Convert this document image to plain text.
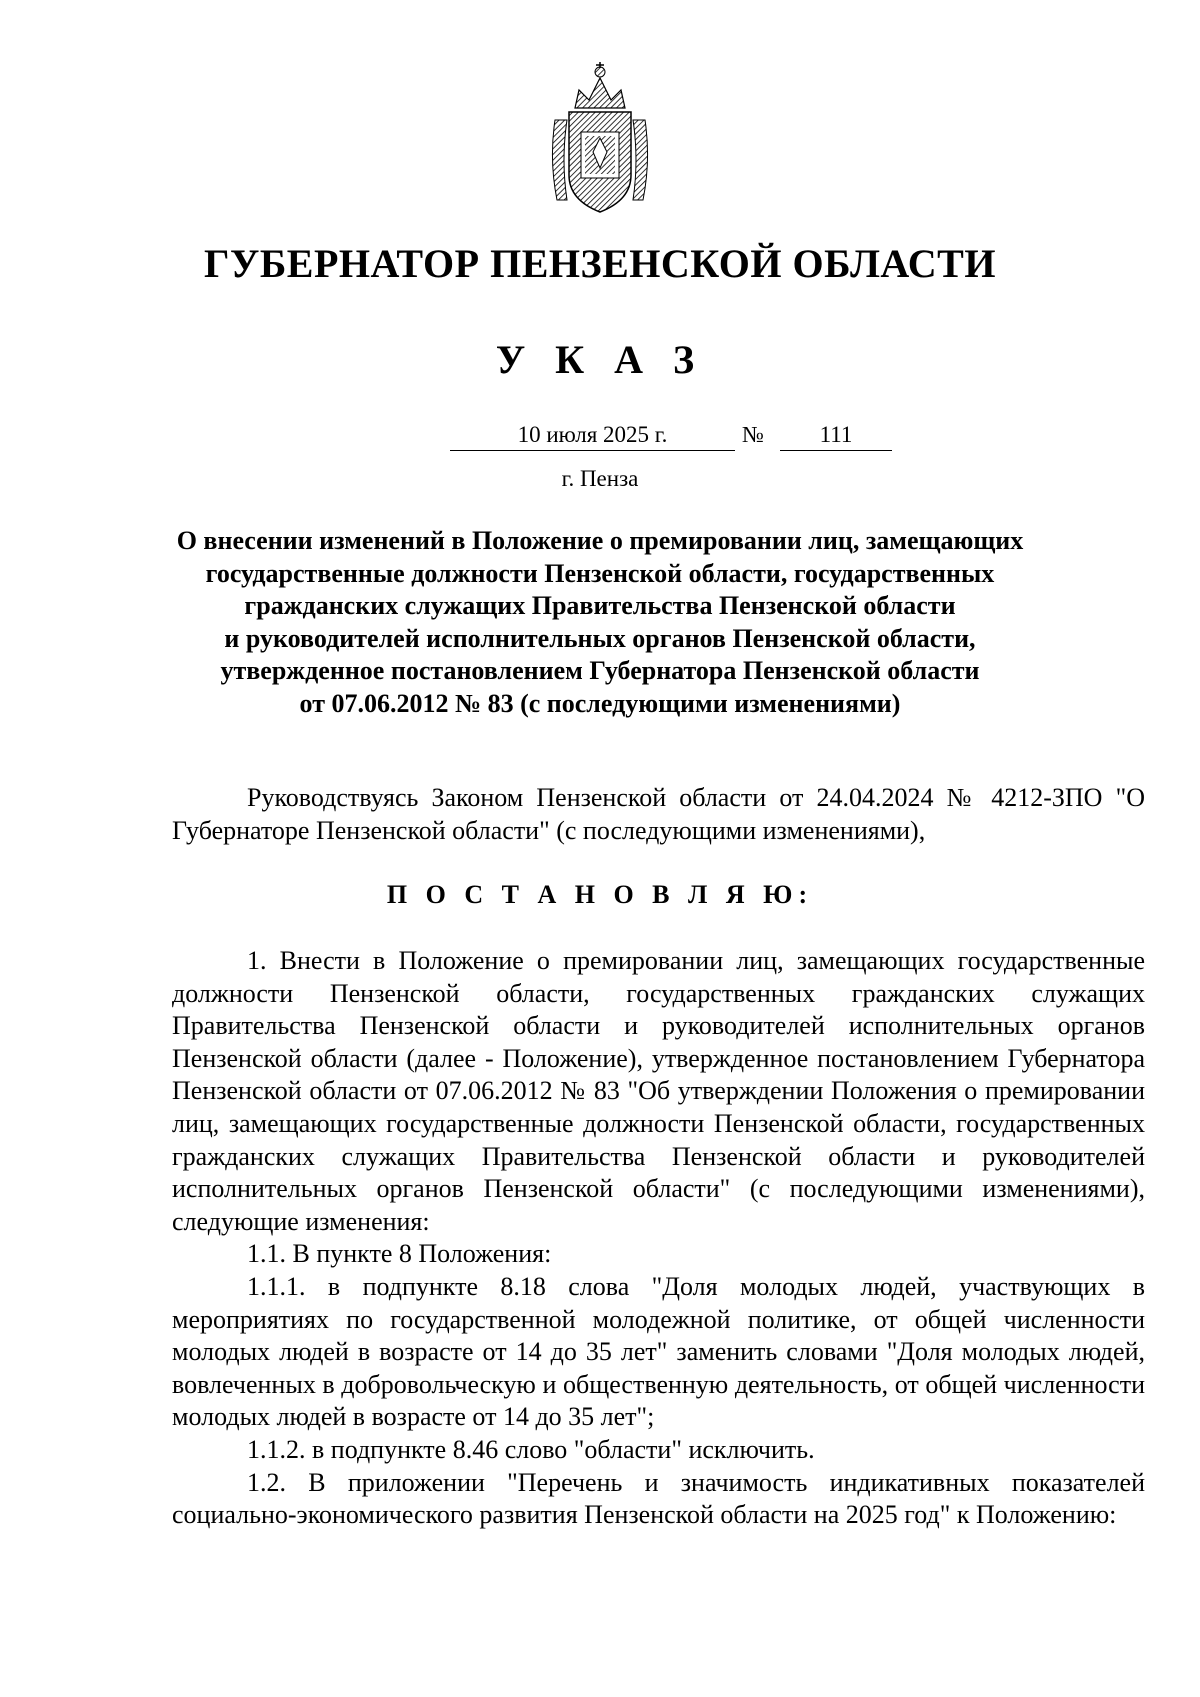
ГУБЕРНАТОР ПЕНЗЕНСКОЙ ОБЛАСТИ
У К А З
10 июля 2025 г.	№	111
г. Пенза
О внесении изменений в Положение о премировании лиц, замещающих
государственные должности Пензенской области, государственных
гражданских служащих Правительства Пензенской области
и руководителей исполнительных органов Пензенской области,
утвержденное постановлением Губернатора Пензенской области
от 07.06.2012 № 83 (с последующими изменениями)

Руководствуясь Законом Пензенской области от 24.04.2024 № 4212-ЗПО "О Губернаторе Пензенской области" (с последующими изменениями),

П О С Т А Н О В Л Я Ю:

1. Внести в Положение о премировании лиц, замещающих государственные должности Пензенской области, государственных гражданских служащих Правительства Пензенской области и руководителей исполнительных органов Пензенской области (далее - Положение), утвержденное постановлением Губернатора Пензенской области от 07.06.2012 № 83 "Об утверждении Положения о премировании лиц, замещающих государственные должности Пензенской области, государственных гражданских служащих Правительства Пензенской области и руководителей исполнительных органов Пензенской области" (с последующими изменениями), следующие изменения:

1.1. В пункте 8 Положения:

1.1.1. в подпункте 8.18 слова "Доля молодых людей, участвующих в мероприятиях по государственной молодежной политике, от общей численности молодых людей в возрасте от 14 до 35 лет" заменить словами "Доля молодых людей, вовлеченных в добровольческую и общественную деятельность, от общей численности молодых людей в возрасте от 14 до 35 лет";

1.1.2. в подпункте 8.46 слово "области" исключить.

1.2. В приложении "Перечень и значимость индикативных показателей социально-экономического развития Пензенской области на 2025 год" к Положению:
